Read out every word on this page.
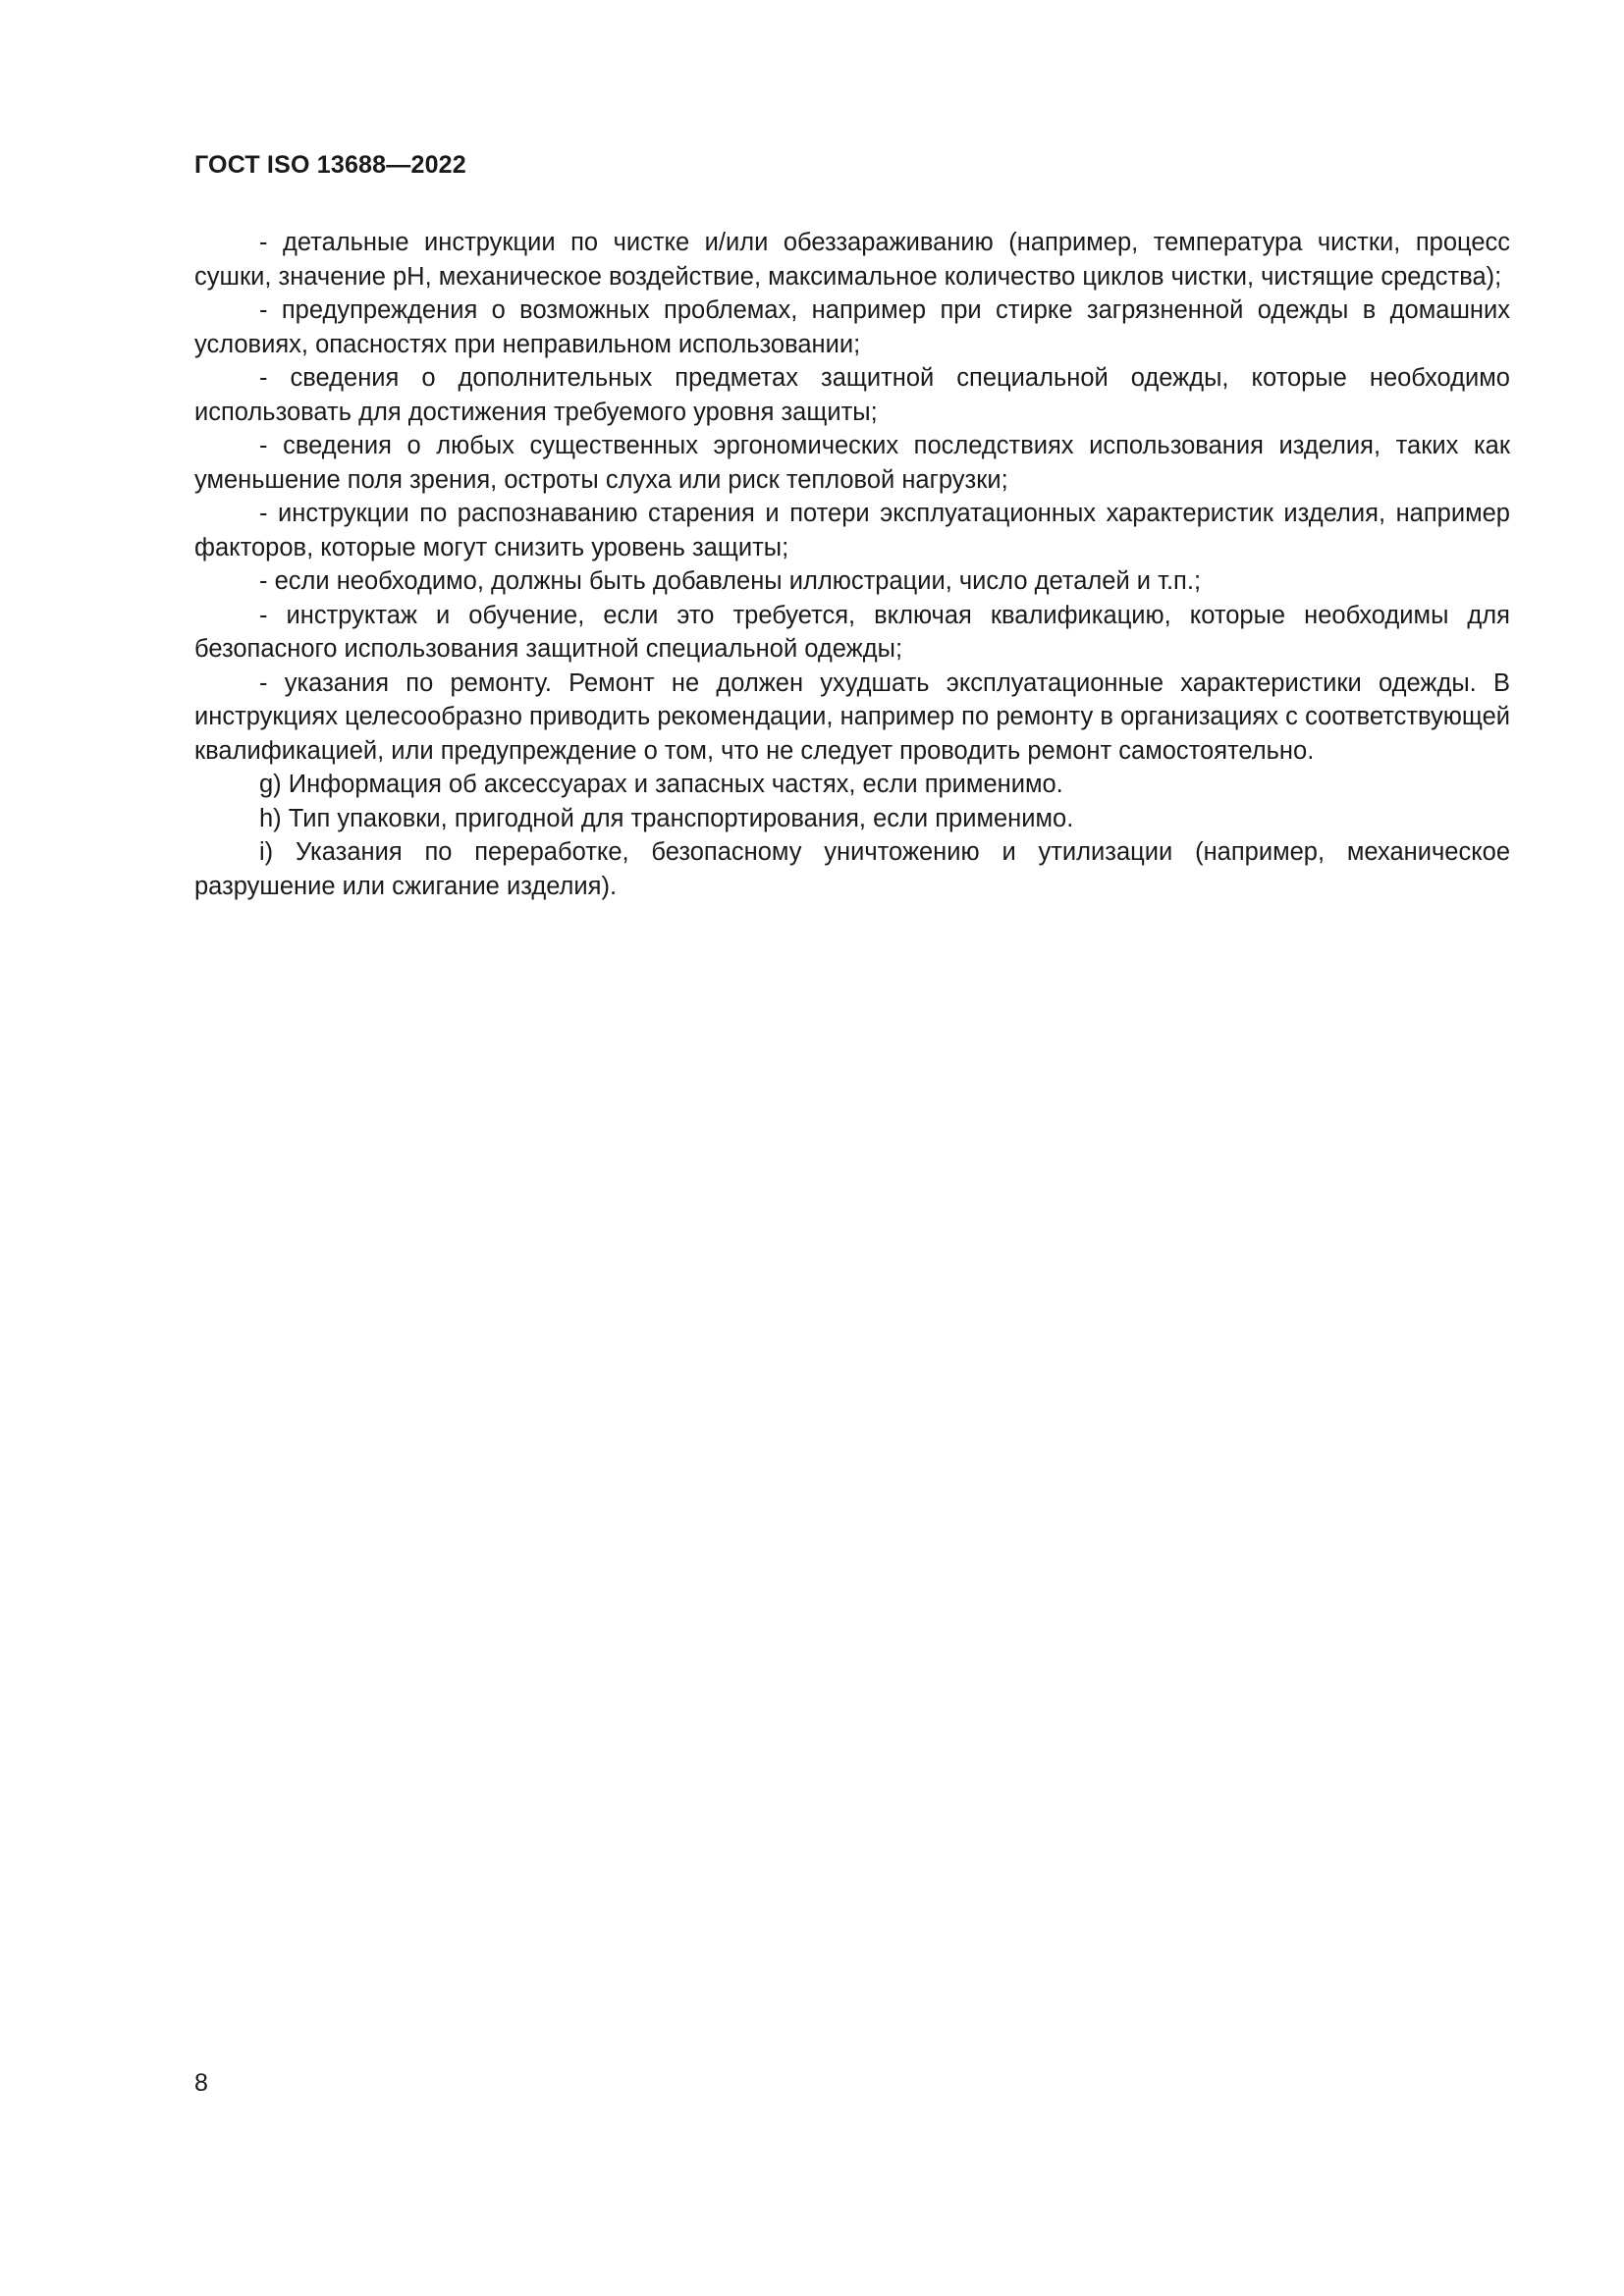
ГОСТ ISO 13688—2022

- детальные инструкции по чистке и/или обеззараживанию (например, температура чистки, процесс сушки, значение pH, механическое воздействие, максимальное количество циклов чистки, чистящие средства);

- предупреждения о возможных проблемах, например при стирке загрязненной одежды в домашних условиях, опасностях при неправильном использовании;

- сведения о дополнительных предметах защитной специальной одежды, которые необходимо использовать для достижения требуемого уровня защиты;

- сведения о любых существенных эргономических последствиях использования изделия, таких как уменьшение поля зрения, остроты слуха или риск тепловой нагрузки;

- инструкции по распознаванию старения и потери эксплуатационных характеристик изделия, например факторов, которые могут снизить уровень защиты;

- если необходимо, должны быть добавлены иллюстрации, число деталей и т.п.;

- инструктаж и обучение, если это требуется, включая квалификацию, которые необходимы для безопасного использования защитной специальной одежды;

- указания по ремонту. Ремонт не должен ухудшать эксплуатационные характеристики одежды. В инструкциях целесообразно приводить рекомендации, например по ремонту в организациях с соответствующей квалификацией, или предупреждение о том, что не следует проводить ремонт самостоятельно.

g) Информация об аксессуарах и запасных частях, если применимо.

h) Тип упаковки, пригодной для транспортирования, если применимо.

i) Указания по переработке, безопасному уничтожению и утилизации (например, механическое разрушение или сжигание изделия).

8
